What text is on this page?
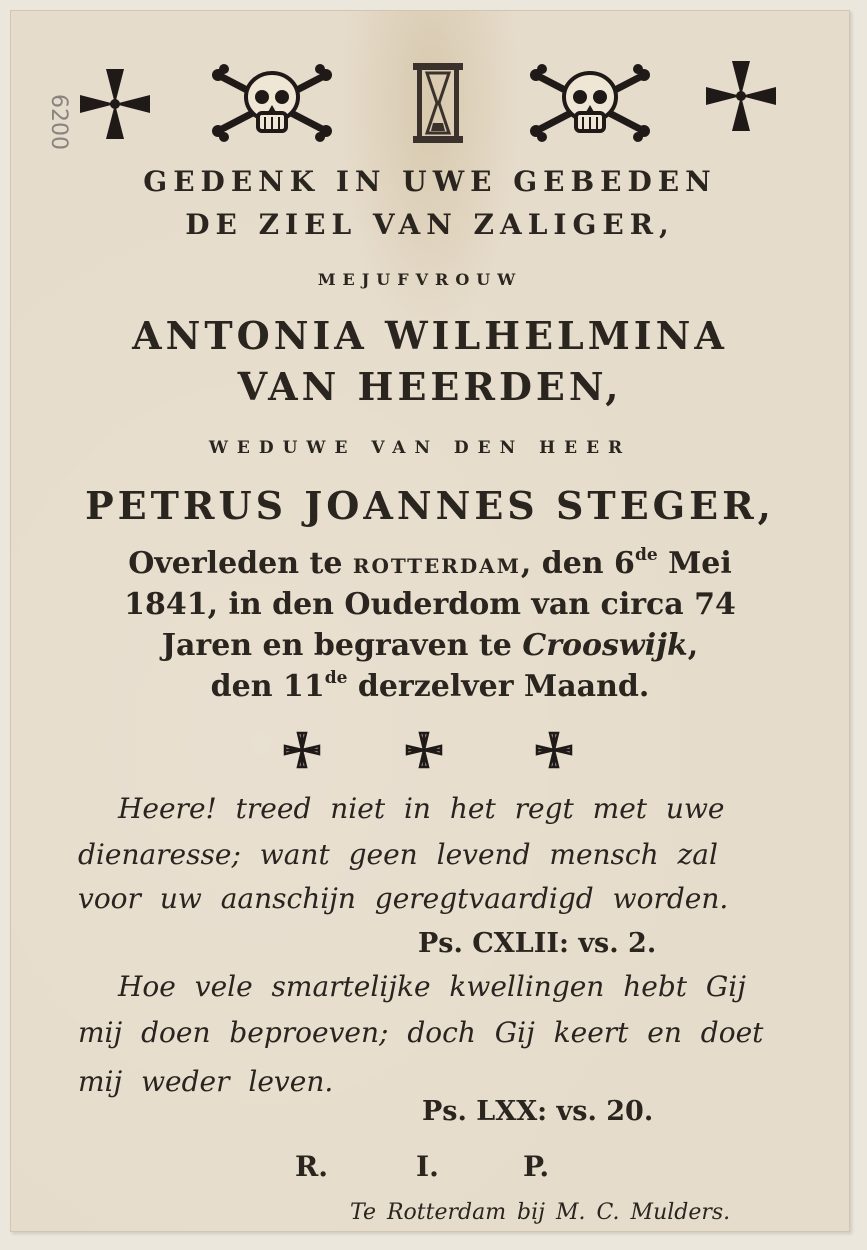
6200
GEDENK IN UWE GEBEDEN
DE ZIEL VAN ZALIGER,
MEJUFVROUW
ANTONIA WILHELMINA
VAN HEERDEN,
WEDUWE VAN DEN HEER
PETRUS JOANNES STEGER,
Overleden te ROTTERDAM, den 6de Mei
1841, in den Ouderdom van circa 74
Jaren en begraven te Crooswijk,
den 11de derzelver Maand.
Heere! treed niet in het regt met uwe
dienaresse; want geen levend mensch zal
voor uw aanschijn geregtvaardigd worden.
Ps. CXLII: vs. 2.
Hoe vele smartelijke kwellingen hebt Gij
mij doen beproeven; doch Gij keert en doet
mij weder leven.
Ps. LXX: vs. 20.
R.	I.	P.
Te Rotterdam bij M. C. Mulders.
